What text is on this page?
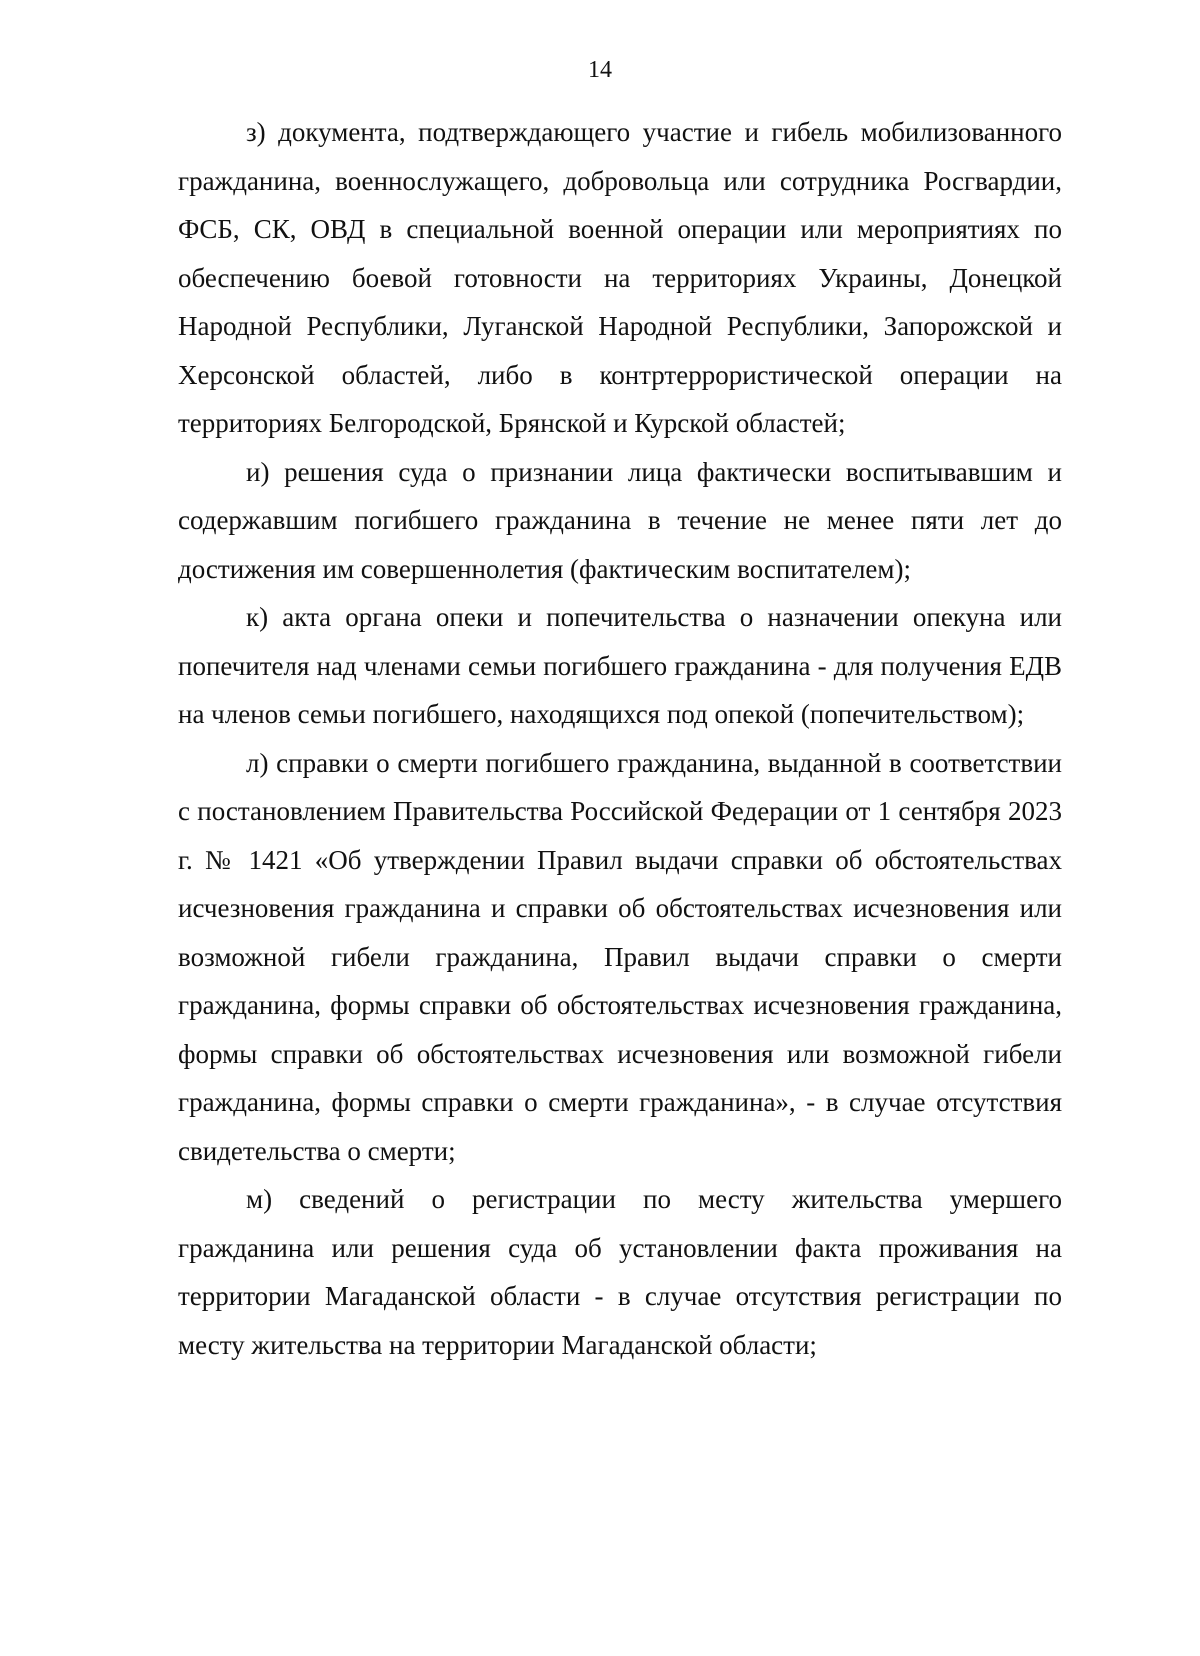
14

з) документа, подтверждающего участие и гибель мобилизованного гражданина, военнослужащего, добровольца или сотрудника Росгвардии, ФСБ, СК, ОВД в специальной военной операции или мероприятиях по обеспечению боевой готовности на территориях Украины, Донецкой Народной Республики, Луганской Народной Республики, Запорожской и Херсонской областей, либо в контртеррористической операции на территориях Белгородской, Брянской и Курской областей;

и) решения суда о признании лица фактически воспитывавшим и содержавшим погибшего гражданина в течение не менее пяти лет до достижения им совершеннолетия (фактическим воспитателем);

к) акта органа опеки и попечительства о назначении опекуна или попечителя над членами семьи погибшего гражданина - для получения ЕДВ на членов семьи погибшего, находящихся под опекой (попечительством);

л) справки о смерти погибшего гражданина, выданной в соответствии с постановлением Правительства Российской Федерации от 1 сентября 2023 г. № 1421 «Об утверждении Правил выдачи справки об обстоятельствах исчезновения гражданина и справки об обстоятельствах исчезновения или возможной гибели гражданина, Правил выдачи справки о смерти гражданина, формы справки об обстоятельствах исчезновения гражданина, формы справки об обстоятельствах исчезновения или возможной гибели гражданина, формы справки о смерти гражданина», - в случае отсутствия свидетельства о смерти;

м) сведений о регистрации по месту жительства умершего гражданина или решения суда об установлении факта проживания на территории Магаданской области - в случае отсутствия регистрации по месту жительства на территории Магаданской области;
